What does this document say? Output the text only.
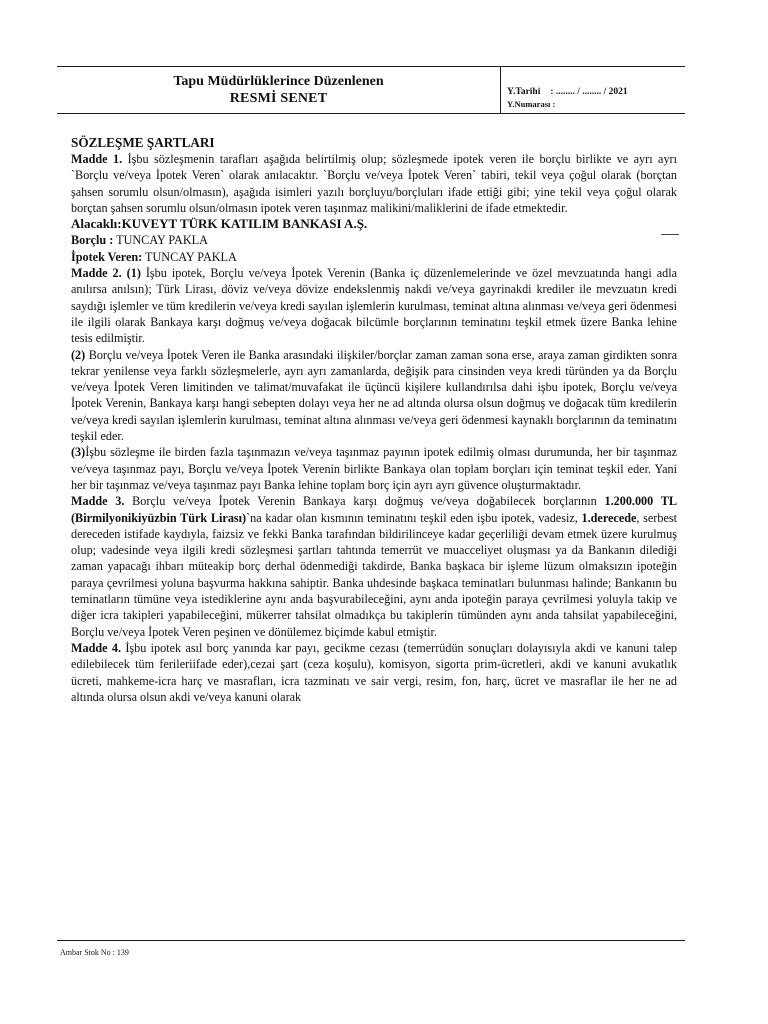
Tapu Müdürlüklerince Düzenlenen
RESMİ SENET	Y.Tarihi : ........ / ........ / 2021
Y.Numarası :

SÖZLEŞME ŞARTLARI

Madde 1. İşbu sözleşmenin tarafları aşağıda belirtilmiş olup; sözleşmede ipotek veren ile borçlu birlikte ve ayrı ayrı `Borçlu ve/veya İpotek Veren` olarak anılacaktır. `Borçlu ve/veya İpotek Veren` tabiri, tekil veya çoğul olarak (borçtan şahsen sorumlu olsun/olmasın), aşağıda isimleri yazılı borçluyu/borçluları ifade ettiği gibi; yine tekil veya çoğul olarak borçtan şahsen sorumlu olsun/olmasın ipotek veren taşınmaz malikini/maliklerini de ifade etmektedir.

Alacaklı:KUVEYT TÜRK KATILIM BANKASI A.Ş.

Borçlu : TUNCAY PAKLA

İpotek Veren: TUNCAY PAKLA

Madde 2. (1) İşbu ipotek, Borçlu ve/veya İpotek Verenin (Banka iç düzenlemelerinde ve özel mevzuatında hangi adla anılırsa anılsın); Türk Lirası, döviz ve/veya dövize endekslenmiş nakdi ve/veya gayrinakdi krediler ile mevzuatın kredi saydığı işlemler ve tüm kredilerin ve/veya kredi sayılan işlemlerin kurulması, teminat altına alınması ve/veya geri ödenmesi ile ilgili olarak Bankaya karşı doğmuş ve/veya doğacak bilcümle borçlarının teminatını teşkil etmek üzere Banka lehine tesis edilmiştir.

(2) Borçlu ve/veya İpotek Veren ile Banka arasındaki ilişkiler/borçlar zaman zaman sona erse, araya zaman girdikten sonra tekrar yenilense veya farklı sözleşmelerle, ayrı ayrı zamanlarda, değişik para cinsinden veya kredi türünden ya da Borçlu ve/veya İpotek Veren limitinden ve talimat/muvafakat ile üçüncü kişilere kullandırılsa dahi işbu ipotek, Borçlu ve/veya İpotek Verenin, Bankaya karşı hangi sebepten dolayı veya her ne ad altında olursa olsun doğmuş ve doğacak tüm kredilerin ve/veya kredi sayılan işlemlerin kurulması, teminat altına alınması ve/veya geri ödenmesi kaynaklı borçlarının da teminatını teşkil eder.

(3)İşbu sözleşme ile birden fazla taşınmazın ve/veya taşınmaz payının ipotek edilmiş olması durumunda, her bir taşınmaz ve/veya taşınmaz payı, Borçlu ve/veya İpotek Verenin birlikte Bankaya olan toplam borçları için teminat teşkil eder. Yani her bir taşınmaz ve/veya taşınmaz payı Banka lehine toplam borç için ayrı ayrı güvence oluşturmaktadır.

Madde 3. Borçlu ve/veya İpotek Verenin Bankaya karşı doğmuş ve/veya doğabilecek borçlarının 1.200.000 TL (Birmilyonikiyüzbin Türk Lirası)`na kadar olan kısmının teminatını teşkil eden işbu ipotek, vadesiz, 1.derecede, serbest dereceden istifade kaydıyla, faizsiz ve fekki Banka tarafından bildirilinceye kadar geçerliliği devam etmek üzere kurulmuş olup; vadesinde veya ilgili kredi sözleşmesi şartları tahtında temerrüt ve muacceliyet oluşması ya da Bankanın dilediği zaman yapacağı ihbarı müteakip borç derhal ödenmediği takdirde, Banka başkaca bir işleme lüzum olmaksızın ipoteğin paraya çevrilmesi yoluna başvurma hakkına sahiptir. Banka uhdesinde başkaca teminatları bulunması halinde; Bankanın bu teminatların tümüne veya istediklerine aynı anda başvurabileceğini, aynı anda ipoteğin paraya çevrilmesi yoluyla takip ve diğer icra takipleri yapabileceğini, mükerrer tahsilat olmadıkça bu takiplerin tümünden aynı anda tahsilat yapabileceğini, Borçlu ve/veya İpotek Veren peşinen ve dönülemez biçimde kabul etmiştir.

Madde 4. İşbu ipotek asıl borç yanında kar payı, gecikme cezası (temerrüdün sonuçları dolayısıyla akdi ve kanuni talep edilebilecek tüm ferileriifade eder),cezai şart (ceza koşulu), komisyon, sigorta prim-ücretleri, akdi ve kanuni avukatlık ücreti, mahkeme-icra harç ve masrafları, icra tazminatı ve sair vergi, resim, fon, harç, ücret ve masraflar ile her ne ad altında olursa olsun akdi ve/veya kanuni olarak

Ambar Stok No : 139
